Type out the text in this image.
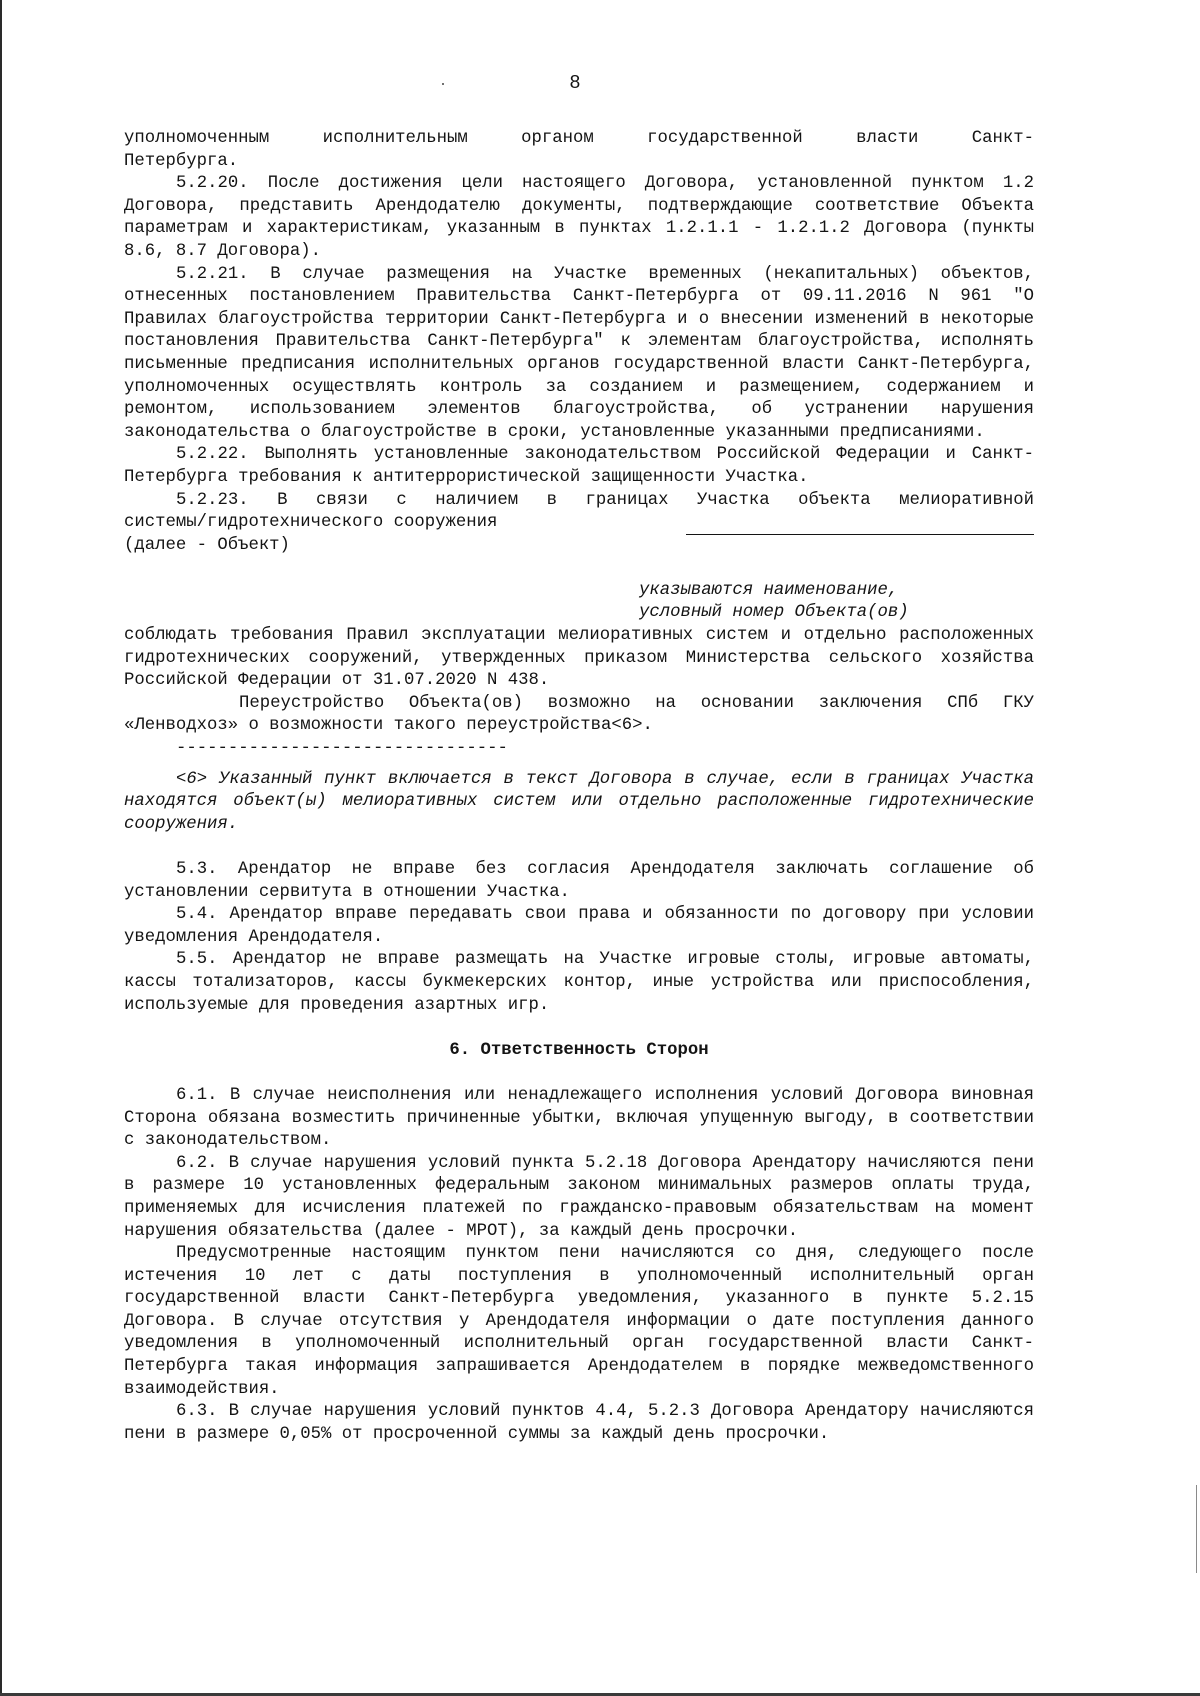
8

уполномоченным исполнительным органом государственной власти Санкт-

Петербурга.

5.2.20. После достижения цели настоящего Договора, установленной пунктом 1.2 Договора, представить Арендодателю документы, подтверждающие соответствие Объекта параметрам и характеристикам, указанным в пунктах 1.2.1.1 - 1.2.1.2 Договора (пункты 8.6, 8.7 Договора).

5.2.21. В случае размещения на Участке временных (некапитальных) объектов, отнесенных постановлением Правительства Санкт-Петербурга от 09.11.2016 N 961 "О Правилах благоустройства территории Санкт-Петербурга и о внесении изменений в некоторые постановления Правительства Санкт-Петербурга" к элементам благоустройства, исполнять письменные предписания исполнительных органов государственной власти Санкт-Петербурга, уполномоченных осуществлять контроль за созданием и размещением, содержанием и ремонтом, использованием элементов благоустройства, об устранении нарушения законодательства о благоустройстве в сроки, установленные указанными предписаниями.

5.2.22. Выполнять установленные законодательством Российской Федерации и Санкт-Петербурга требования к антитеррористической защищенности Участка.

5.2.23. В связи с наличием в границах Участка объекта мелиоративной

системы/гидротехнического сооружения

(далее - Объект)

указываются наименование,

условный номер Объекта(ов)

соблюдать требования Правил эксплуатации мелиоративных систем и отдельно расположенных гидротехнических сооружений, утвержденных приказом Министерства сельского хозяйства Российской Федерации от 31.07.2020 N 438.

Переустройство Объекта(ов) возможно на основании заключения СПб ГКУ «Ленводхоз» о возможности такого переустройства<6>.

--------------------------------

<6> Указанный пункт включается в текст Договора в случае, если в границах Участка находятся объект(ы) мелиоративных систем или отдельно расположенные гидротехнические сооружения.

5.3. Арендатор не вправе без согласия Арендодателя заключать соглашение об установлении сервитута в отношении Участка.

5.4. Арендатор вправе передавать свои права и обязанности по договору при условии уведомления Арендодателя.

5.5. Арендатор не вправе размещать на Участке игровые столы, игровые автоматы, кассы тотализаторов, кассы букмекерских контор, иные устройства или приспособления, используемые для проведения азартных игр.

6. Ответственность Сторон

6.1. В случае неисполнения или ненадлежащего исполнения условий Договора виновная Сторона обязана возместить причиненные убытки, включая упущенную выгоду, в соответствии с законодательством.

6.2. В случае нарушения условий пункта 5.2.18 Договора Арендатору начисляются пени в размере 10 установленных федеральным законом минимальных размеров оплаты труда, применяемых для исчисления платежей по гражданско-правовым обязательствам на момент нарушения обязательства (далее - МРОТ), за каждый день просрочки.

Предусмотренные настоящим пунктом пени начисляются со дня, следующего после истечения 10 лет с даты поступления в уполномоченный исполнительный орган государственной власти Санкт-Петербурга уведомления, указанного в пункте 5.2.15 Договора. В случае отсутствия у Арендодателя информации о дате поступления данного уведомления в уполномоченный исполнительный орган государственной власти Санкт-Петербурга такая информация запрашивается Арендодателем в порядке межведомственного взаимодействия.

6.3. В случае нарушения условий пунктов 4.4, 5.2.3 Договора Арендатору начисляются пени в размере 0,05% от просроченной суммы за каждый день просрочки.
